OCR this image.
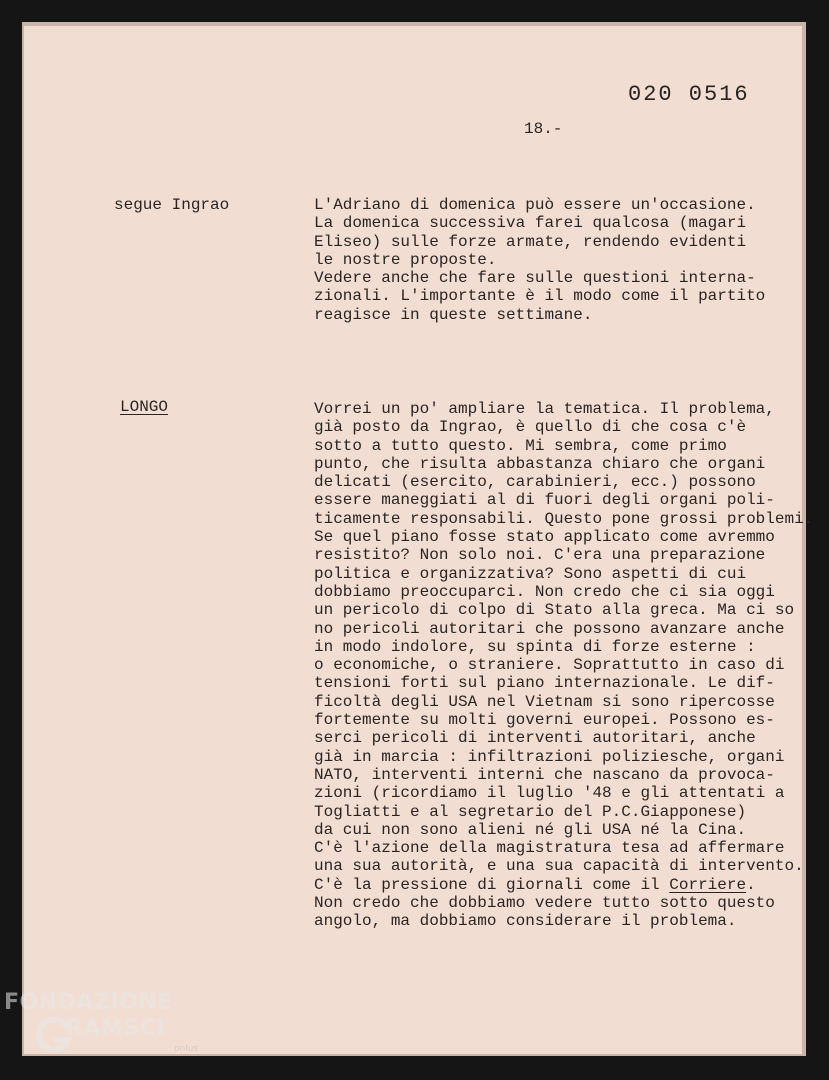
020 0516
18.-
segue Ingrao	L'Adriano di domenica può essere un'occasione.
La domenica successiva farei qualcosa (magari
Eliseo) sulle forze armate, rendendo evidenti
le nostre proposte.
Vedere anche che fare sulle questioni interna-
zionali. L'importante è il modo come il partito
reagisce in queste settimane.
LONGO	Vorrei un po' ampliare la tematica. Il problema,
già posto da Ingrao, è quello di che cosa c'è
sotto a tutto questo. Mi sembra, come primo
punto, che risulta abbastanza chiaro che organi
delicati (esercito, carabinieri, ecc.) possono
essere maneggiati al di fuori degli organi poli-
ticamente responsabili. Questo pone grossi problemi.
Se quel piano fosse stato applicato come avremmo
resistito? Non solo noi. C'era una preparazione
politica e organizzativa? Sono aspetti di cui
dobbiamo preoccuparci. Non credo che ci sia oggi
un pericolo di colpo di Stato alla greca. Ma ci so
no pericoli autoritari che possono avanzare anche
in modo indolore, su spinta di forze esterne :
o economiche, o straniere. Soprattutto in caso di
tensioni forti sul piano internazionale. Le dif-
ficoltà degli USA nel Vietnam si sono ripercosse
fortemente su molti governi europei. Possono es-
serci pericoli di interventi autoritari, anche
già in marcia : infiltrazioni poliziesche, organi
NATO, interventi interni che nascano da provoca-
zioni (ricordiamo il luglio '48 e gli attentati a
Togliatti e al segretario del P.C.Giapponese)
da cui non sono alieni né gli USA né la Cina.
C'è l'azione della magistratura tesa ad affermare
una sua autorità, e una sua capacità di intervento.
C'è la pressione di giornali come il Corriere.
Non credo che dobbiamo vedere tutto sotto questo
angolo, ma dobbiamo considerare il problema.
FONDAZIONE
RAMSCI
onlus
